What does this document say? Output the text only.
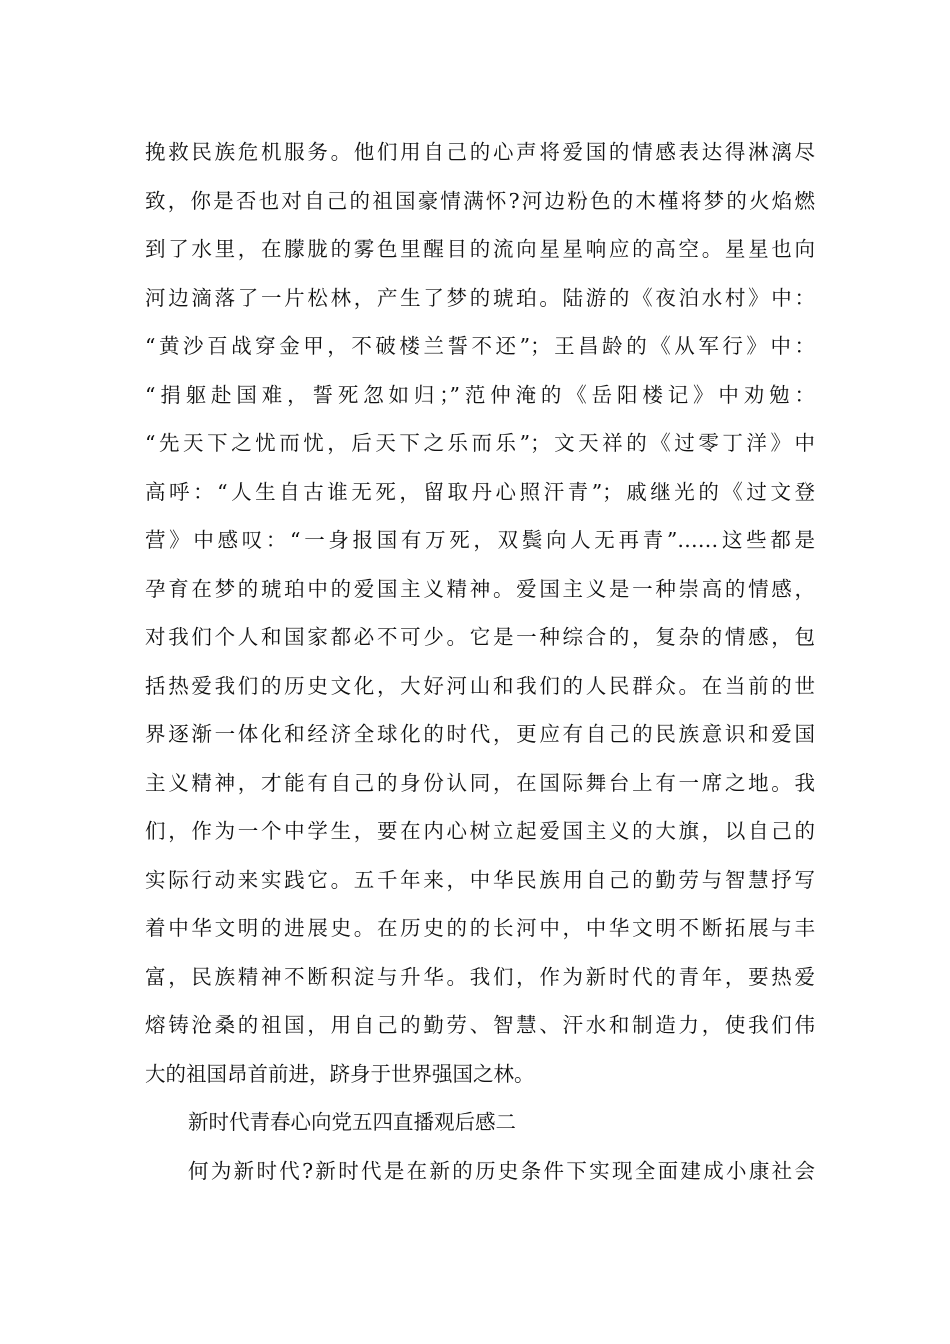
挽救民族危机服务。他们用自己的心声将爱国的情感表达得淋漓尽
致，你是否也对自己的祖国豪情满怀?河边粉色的木槿将梦的火焰燃
到了水里，在朦胧的雾色里醒目的流向星星响应的高空。星星也向
河边滴落了一片松林，产生了梦的琥珀。陆游的《夜泊水村》中：
“黄沙百战穿金甲，不破楼兰誓不还”；王昌龄的《从军行》中：
“捐躯赴国难，誓死忽如归；”范仲淹的《岳阳楼记》中劝勉：
“先天下之忧而忧，后天下之乐而乐”；文天祥的《过零丁洋》中
高呼：“人生自古谁无死，留取丹心照汗青”；戚继光的《过文登
营》中感叹：“一身报国有万死，双鬓向人无再青”……这些都是
孕育在梦的琥珀中的爱国主义精神。爱国主义是一种崇高的情感，
对我们个人和国家都必不可少。它是一种综合的，复杂的情感，包
括热爱我们的历史文化，大好河山和我们的人民群众。在当前的世
界逐渐一体化和经济全球化的时代，更应有自己的民族意识和爱国
主义精神，才能有自己的身份认同，在国际舞台上有一席之地。我
们，作为一个中学生，要在内心树立起爱国主义的大旗，以自己的
实际行动来实践它。五千年来，中华民族用自己的勤劳与智慧抒写
着中华文明的进展史。在历史的的长河中，中华文明不断拓展与丰
富，民族精神不断积淀与升华。我们，作为新时代的青年，要热爱
熔铸沧桑的祖国，用自己的勤劳、智慧、汗水和制造力，使我们伟
大的祖国昂首前进，跻身于世界强国之林。
新时代青春心向党五四直播观后感二
何为新时代?新时代是在新的历史条件下实现全面建成小康社会
